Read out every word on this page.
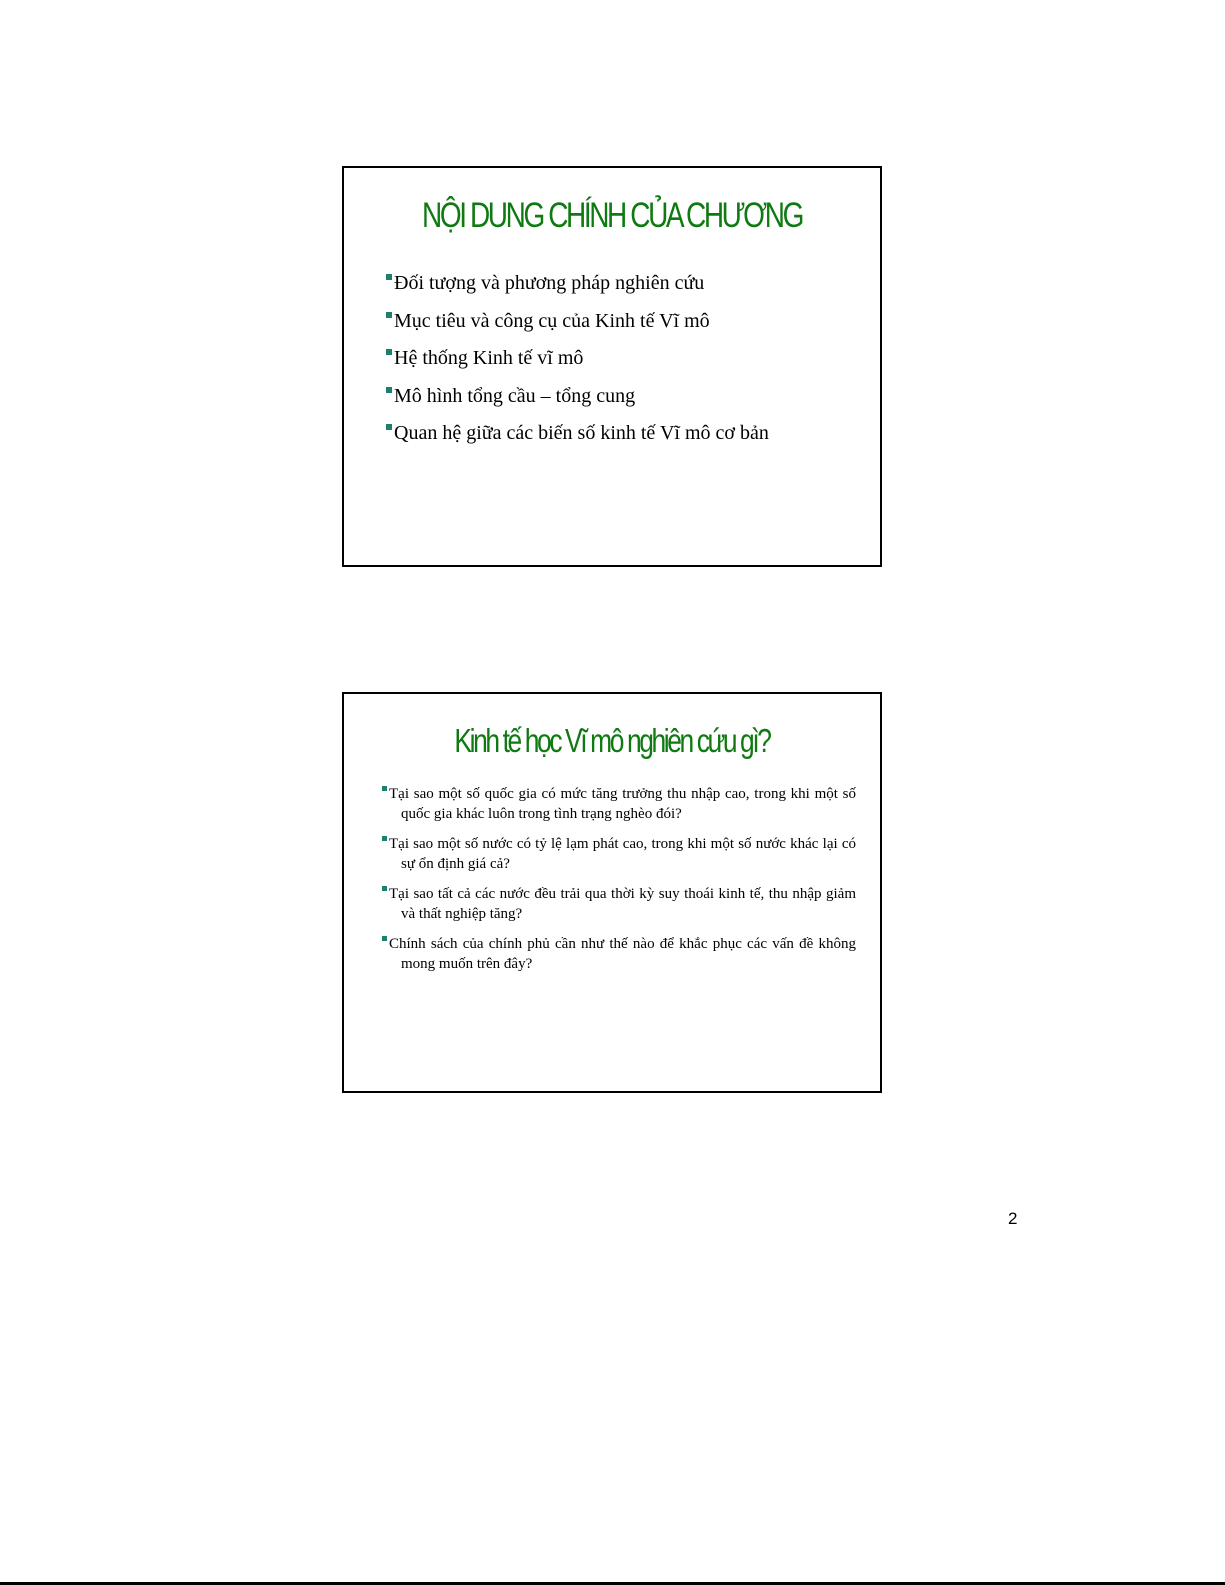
NỘI DUNG CHÍNH CỦA CHƯƠNG
Đối tượng và phương pháp nghiên cứu
Mục tiêu và công cụ của Kinh tế Vĩ mô
Hệ thống Kinh tế vĩ mô
Mô hình tổng cầu – tổng cung
Quan hệ giữa các biến số kinh tế Vĩ mô cơ bản
Kinh tế học Vĩ mô nghiên cứu gì?
Tại sao một số quốc gia có mức tăng trưởng thu nhập cao, trong khi một số quốc gia khác luôn trong tình trạng nghèo đói?
Tại sao một số nước có tỷ lệ lạm phát cao, trong khi một số nước khác lại có sự ổn định giá cả?
Tại sao tất cả các nước đều trải qua thời kỳ suy thoái kinh tế, thu nhập giảm và thất nghiệp tăng?
Chính sách của chính phủ cần như thế nào để khắc phục các vấn đề không mong muốn trên đây?
2
